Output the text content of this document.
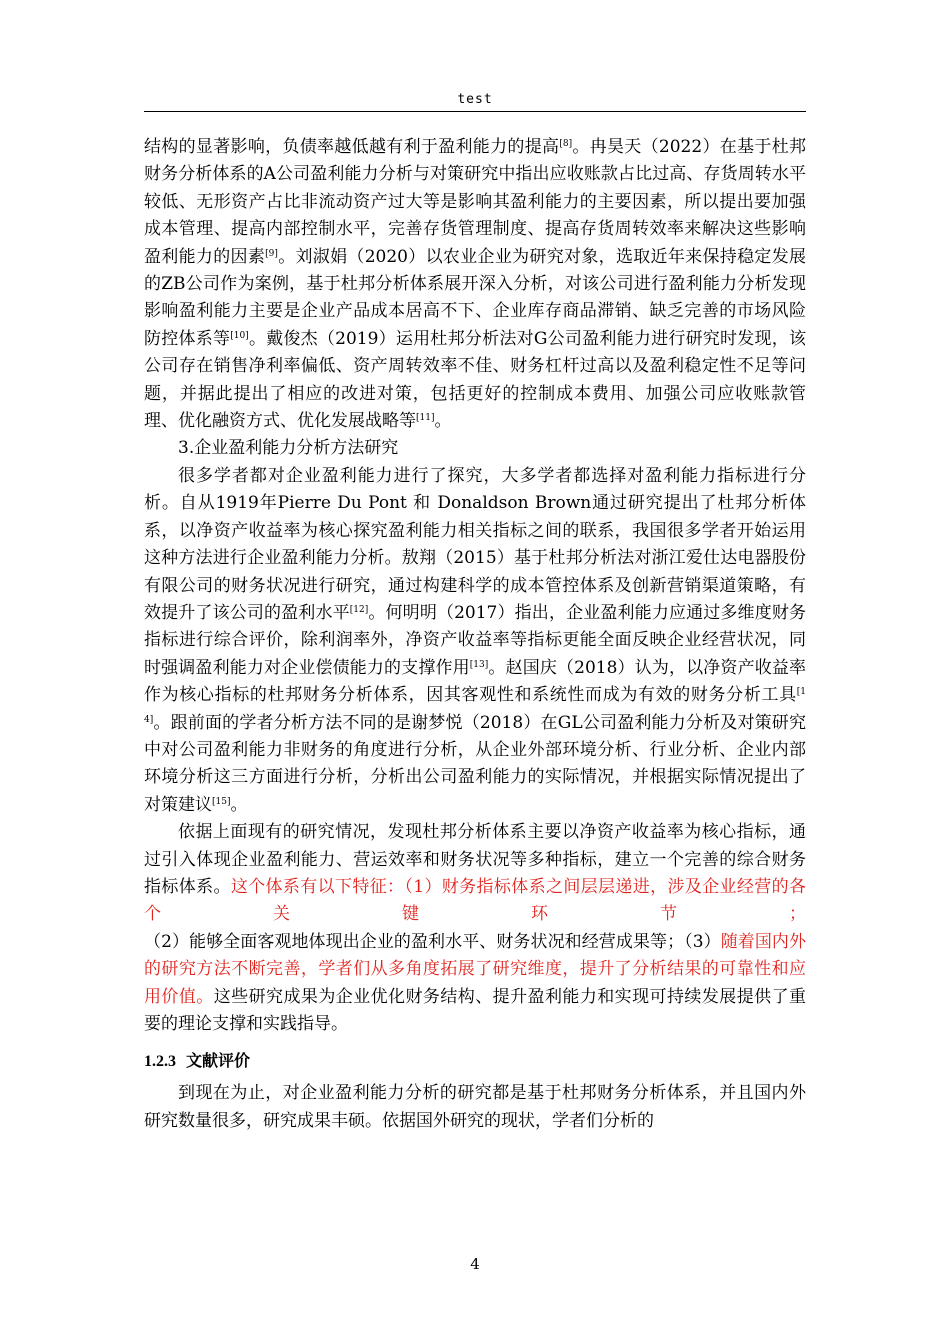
test

结构的显著影响，负债率越低越有利于盈利能力的提高[8]。冉昊天（2022）在基于杜邦财务分析体系的A公司盈利能力分析与对策研究中指出应收账款占比过高、存货周转水平较低、无形资产占比非流动资产过大等是影响其盈利能力的主要因素，所以提出要加强成本管理、提高内部控制水平，完善存货管理制度、提高存货周转效率来解决这些影响盈利能力的因素[9]。刘淑娟（2020）以农业企业为研究对象，选取近年来保持稳定发展的ZB公司作为案例，基于杜邦分析体系展开深入分析，对该公司进行盈利能力分析发现影响盈利能力主要是企业产品成本居高不下、企业库存商品滞销、缺乏完善的市场风险防控体系等[10]。戴俊杰（2019）运用杜邦分析法对G公司盈利能力进行研究时发现，该公司存在销售净利率偏低、资产周转效率不佳、财务杠杆过高以及盈利稳定性不足等问题，并据此提出了相应的改进对策，包括更好的控制成本费用、加强公司应收账款管理、优化融资方式、优化发展战略等[11]。

3.企业盈利能力分析方法研究

很多学者都对企业盈利能力进行了探究，大多学者都选择对盈利能力指标进行分析。自从1919年Pierre Du Pont 和 Donaldson Brown通过研究提出了杜邦分析体系，以净资产收益率为核心探究盈利能力相关指标之间的联系，我国很多学者开始运用这种方法进行企业盈利能力分析。敖翔（2015）基于杜邦分析法对浙江爱仕达电器股份有限公司的财务状况进行研究，通过构建科学的成本管控体系及创新营销渠道策略，有效提升了该公司的盈利水平[12]。何明明（2017）指出，企业盈利能力应通过多维度财务指标进行综合评价，除利润率外，净资产收益率等指标更能全面反映企业经营状况，同时强调盈利能力对企业偿债能力的支撑作用[13]。赵国庆（2018）认为，以净资产收益率作为核心指标的杜邦财务分析体系，因其客观性和系统性而成为有效的财务分析工具[14]。跟前面的学者分析方法不同的是谢梦悦（2018）在GL公司盈利能力分析及对策研究中对公司盈利能力非财务的角度进行分析，从企业外部环境分析、行业分析、企业内部环境分析这三方面进行分析，分析出公司盈利能力的实际情况，并根据实际情况提出了对策建议[15]。

依据上面现有的研究情况，发现杜邦分析体系主要以净资产收益率为核心指标，通过引入体现企业盈利能力、营运效率和财务状况等多种指标，建立一个完善的综合财务指标体系。这个体系有以下特征：（1）财务指标体系之间层层递进，涉及企业经营的各个关键环节；（2）能够全面客观地体现出企业的盈利水平、财务状况和经营成果等；（3）随着国内外的研究方法不断完善，学者们从多角度拓展了研究维度，提升了分析结果的可靠性和应用价值。这些研究成果为企业优化财务结构、提升盈利能力和实现可持续发展提供了重要的理论支撑和实践指导。

1.2.3 文献评价

到现在为止，对企业盈利能力分析的研究都是基于杜邦财务分析体系，并且国内外研究数量很多，研究成果丰硕。依据国外研究的现状，学者们分析的

4
